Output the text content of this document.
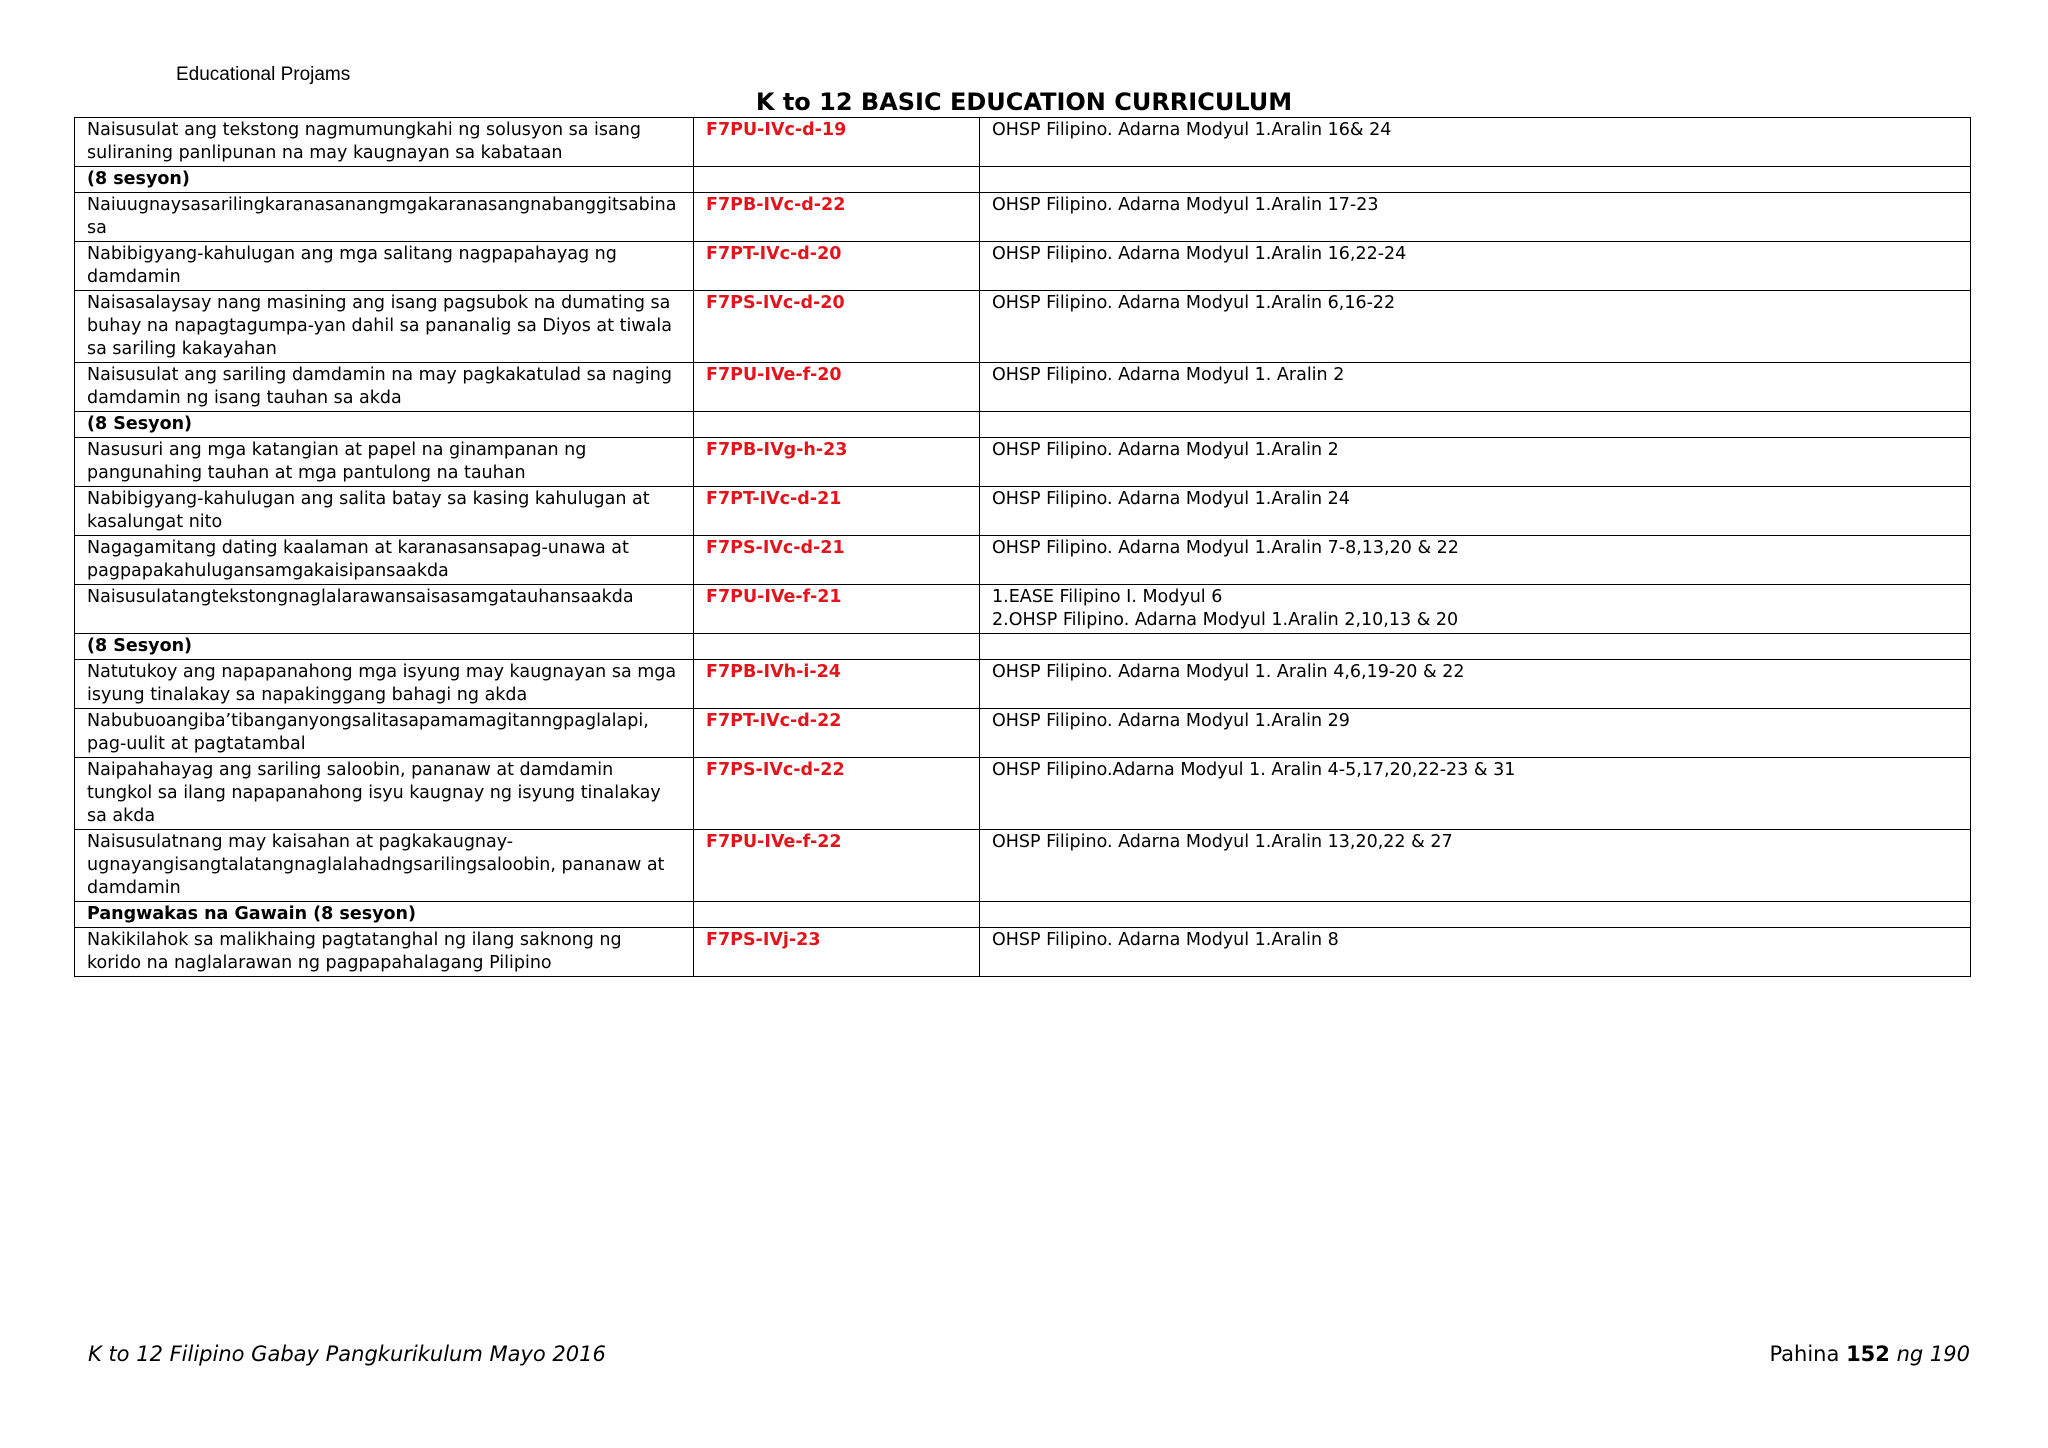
Educational Projams
K to 12 BASIC EDUCATION CURRICULUM
Naisusulat ang tekstong nagmumungkahi ng solusyon sa isang suliraning panlipunan na may kaugnayan sa kabataan	F7PU-IVc-d-19	OHSP Filipino. Adarna Modyul 1.Aralin 16& 24

(8 sesyon)		
Naiuugnaysasarilingkaranasanangmgakaranasangnabanggitsabinasa	F7PB-IVc-d-22	OHSP Filipino. Adarna Modyul 1.Aralin 17-23

Nabibigyang-kahulugan ang mga salitang nagpapahayag ng damdamin	F7PT-IVc-d-20	OHSP Filipino. Adarna Modyul 1.Aralin 16,22-24

Naisasalaysay nang masining ang isang pagsubok na dumating sa buhay na napagtagumpa-yan dahil sa pananalig sa Diyos at tiwala sa sariling kakayahan	F7PS-IVc-d-20	OHSP Filipino. Adarna Modyul 1.Aralin 6,16-22

Naisusulat ang sariling damdamin na may pagkakatulad sa naging damdamin ng isang tauhan sa akda	F7PU-IVe-f-20	OHSP Filipino. Adarna Modyul 1. Aralin 2

(8 Sesyon)		
Nasusuri ang mga katangian at papel na ginampanan ng pangunahing tauhan at mga pantulong na tauhan	F7PB-IVg-h-23	OHSP Filipino. Adarna Modyul 1.Aralin 2

Nabibigyang-kahulugan ang salita batay sa kasing kahulugan at kasalungat nito	F7PT-IVc-d-21	OHSP Filipino. Adarna Modyul 1.Aralin 24

Nagagamitang dating kaalaman at karanasansapag-unawa at pagpapakahulugansamgakaisipansaakda	F7PS-IVc-d-21	OHSP Filipino. Adarna Modyul 1.Aralin 7-8,13,20 & 22

Naisusulatangtekstongnaglalarawansaisasamgatauhansaakda	F7PU-IVe-f-21	1.EASE Filipino I. Modyul 6
2.OHSP Filipino. Adarna Modyul 1.Aralin 2,10,13 & 20

(8 Sesyon)		
Natutukoy ang napapanahong mga isyung may kaugnayan sa mga isyung tinalakay sa napakinggang bahagi ng akda	F7PB-IVh-i-24	OHSP Filipino. Adarna Modyul 1. Aralin 4,6,19-20 & 22

Nabubuoangiba’tibanganyongsalitasapamamagitanngpaglalapi, pag-uulit at pagtatambal	F7PT-IVc-d-22	OHSP Filipino. Adarna Modyul 1.Aralin 29

Naipahahayag ang sariling saloobin, pananaw at damdamin tungkol sa ilang napapanahong isyu kaugnay ng isyung tinalakay sa akda	F7PS-IVc-d-22	OHSP Filipino.Adarna Modyul 1. Aralin 4-5,17,20,22-23 & 31

Naisusulatnang may kaisahan at pagkakaugnay-ugnayangisangtalatangnaglalahadngsarilingsaloobin, pananaw at damdamin	F7PU-IVe-f-22	OHSP Filipino. Adarna Modyul 1.Aralin 13,20,22 & 27

Pangwakas na Gawain (8 sesyon)		
Nakikilahok sa malikhaing pagtatanghal ng ilang saknong ng korido na naglalarawan ng pagpapahalagang Pilipino	F7PS-IVj-23	OHSP Filipino. Adarna Modyul 1.Aralin 8
K to 12 Filipino Gabay Pangkurikulum Mayo 2016	Pahina 152 ng 190
